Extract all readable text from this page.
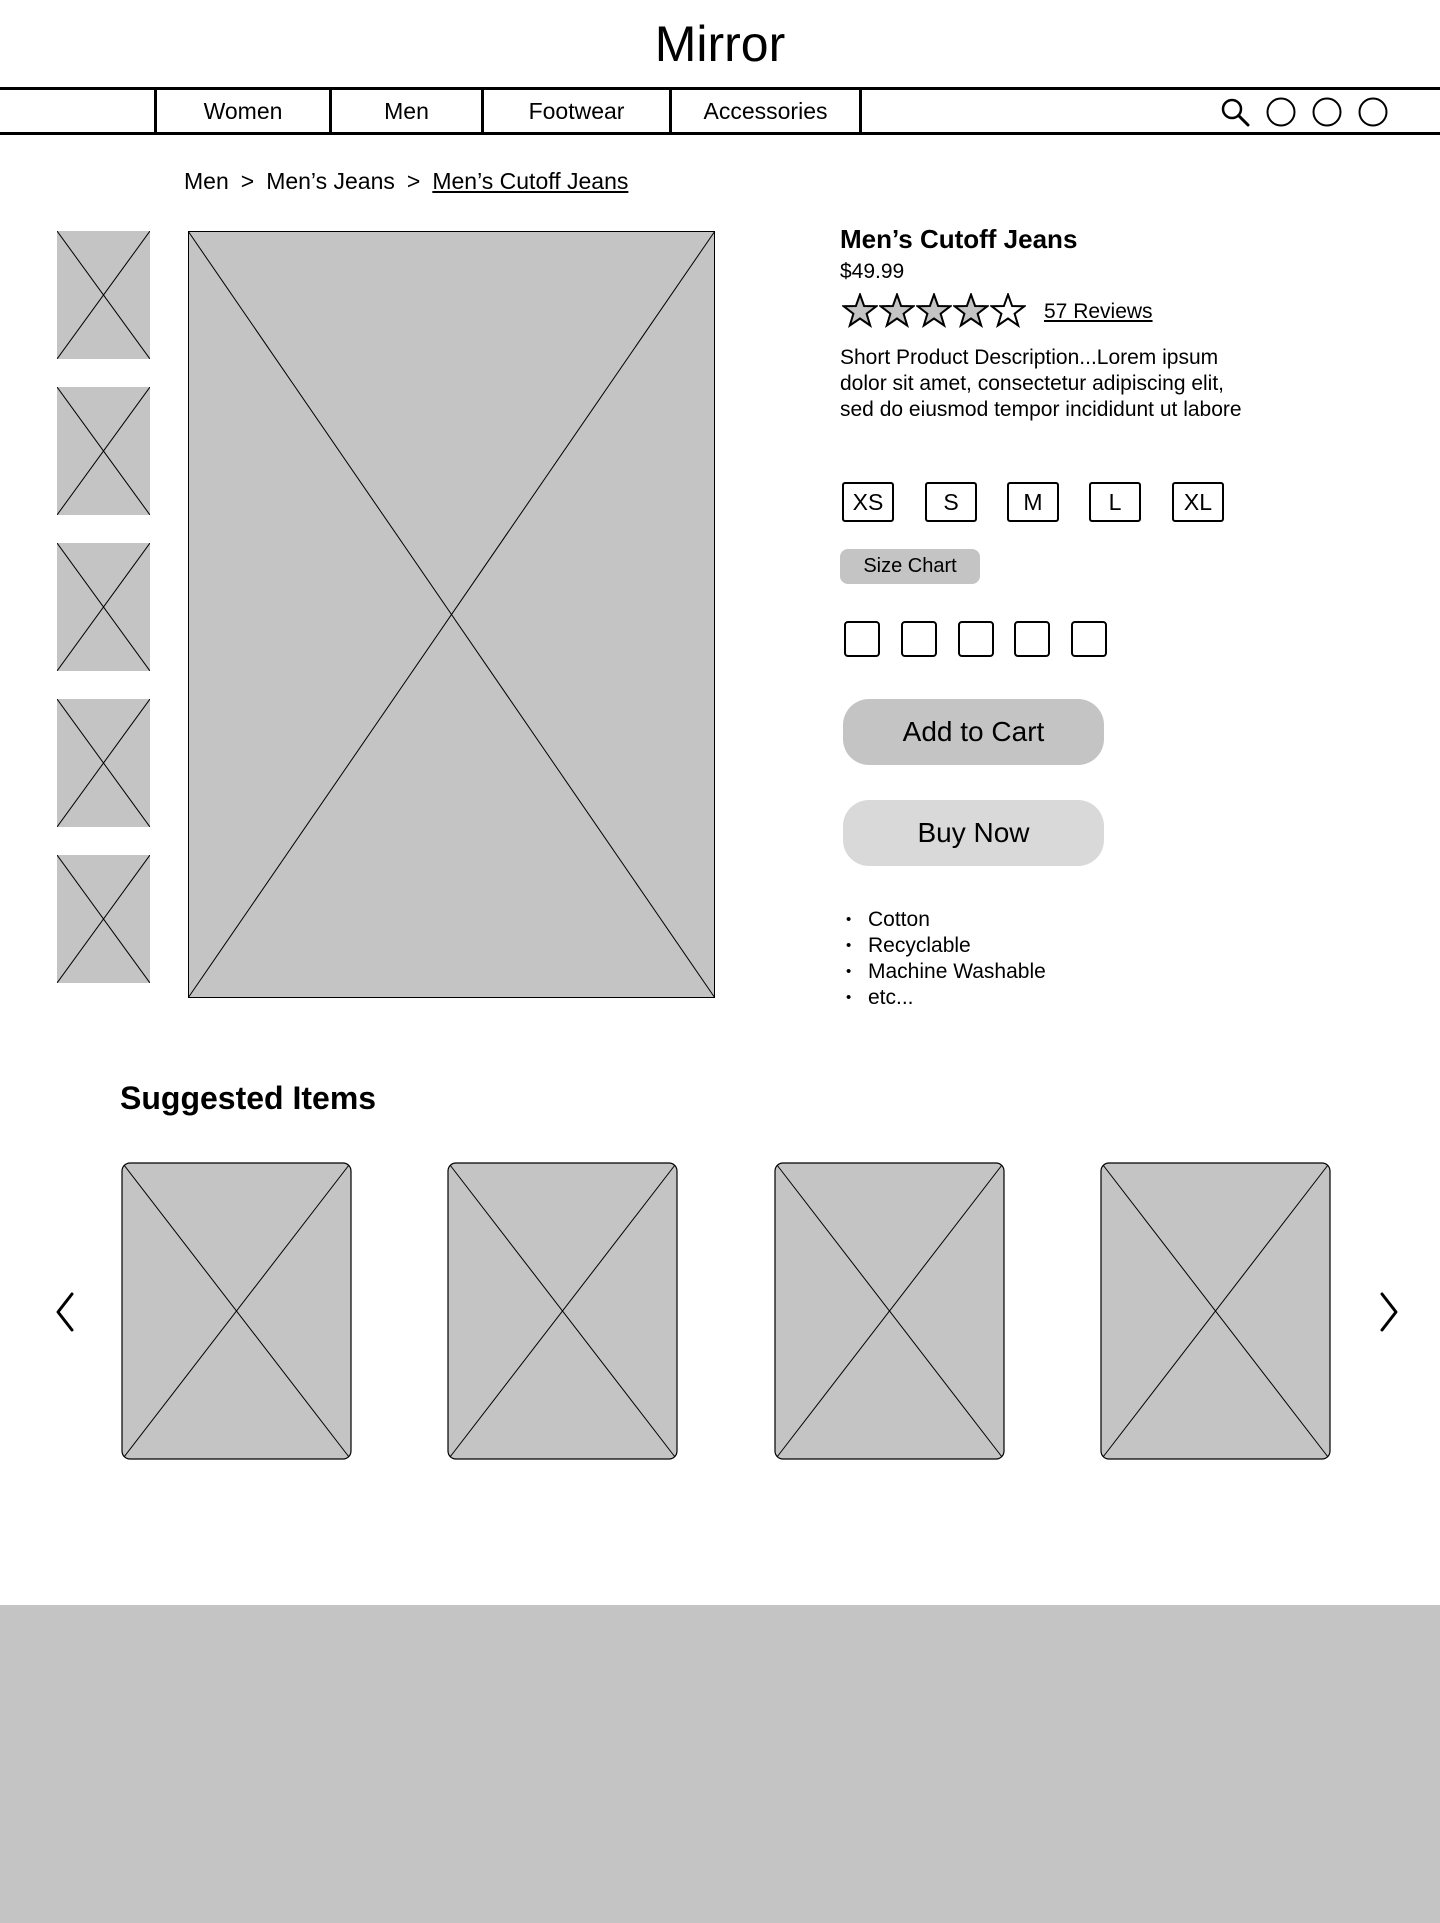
Mirror
Women	Men	Footwear	Accessories
Men > Men’s Jeans > Men’s Cutoff Jeans
Men’s Cutoff Jeans
$49.99
57 Reviews
Short Product Description...Lorem ipsum dolor sit amet, consectetur adipiscing elit, sed do eiusmod tempor incididunt ut labore
XS	S	M	L	XL
Size Chart
Add to Cart
Buy Now
• Cotton
• Recyclable
• Machine Washable
• etc...
Suggested Items
